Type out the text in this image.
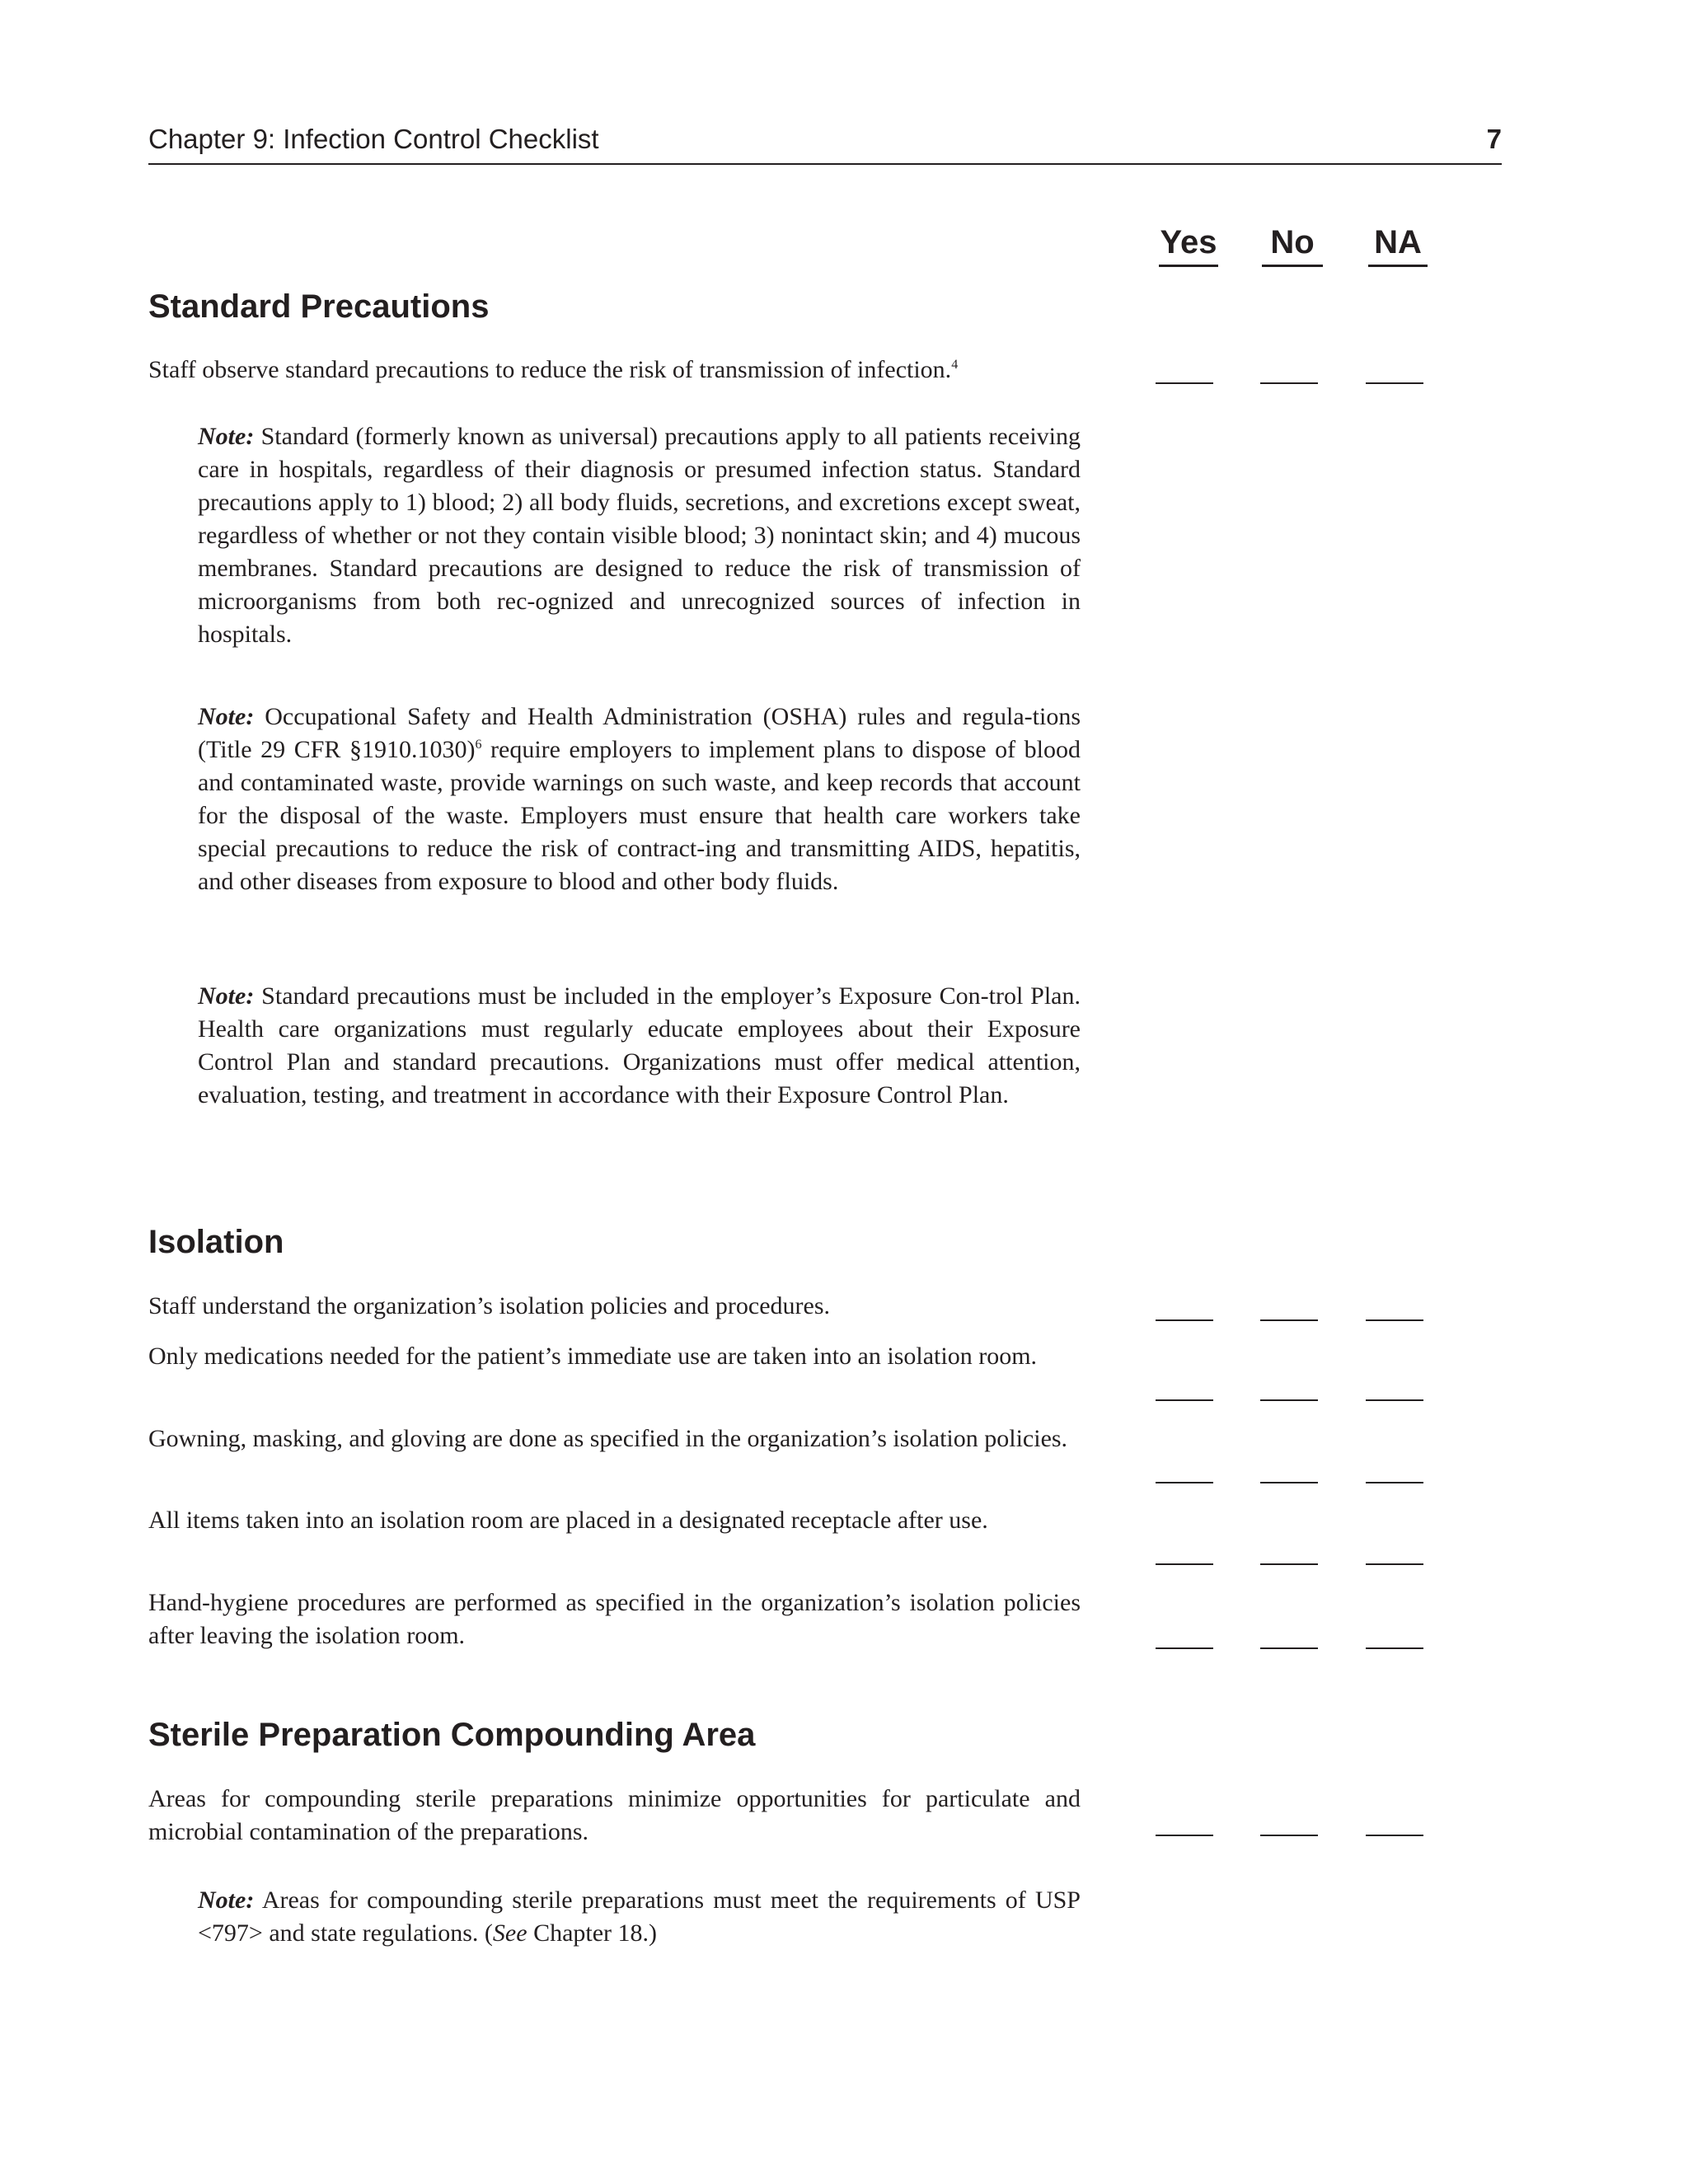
Chapter 9: Infection Control Checklist	7
Yes No NA
Standard Precautions
Staff observe standard precautions to reduce the risk of transmission of infection.$^4$
Note: Standard (formerly known as universal) precautions apply to all patients receiving care in hospitals, regardless of their diagnosis or presumed infection status. Standard precautions apply to 1) blood; 2) all body fluids, secretions, and excretions except sweat, regardless of whether or not they contain visible blood; 3) nonintact skin; and 4) mucous membranes. Standard precautions are designed to reduce the risk of transmission of microorganisms from both rec-ognized and unrecognized sources of infection in hospitals.
Note: Occupational Safety and Health Administration (OSHA) rules and regula-tions (Title 29 CFR §1910.1030)$^6$ require employers to implement plans to dispose of blood and contaminated waste, provide warnings on such waste, and keep records that account for the disposal of the waste. Employers must ensure that health care workers take special precautions to reduce the risk of contract-ing and transmitting AIDS, hepatitis, and other diseases from exposure to blood and other body fluids.
Note: Standard precautions must be included in the employer’s Exposure Con-trol Plan. Health care organizations must regularly educate employees about their Exposure Control Plan and standard precautions. Organizations must offer medical attention, evaluation, testing, and treatment in accordance with their Exposure Control Plan.
Isolation
Staff understand the organization’s isolation policies and procedures.
Only medications needed for the patient’s immediate use are taken into an isolation room.
Gowning, masking, and gloving are done as specified in the organization’s isolation policies.
All items taken into an isolation room are placed in a designated receptacle after use.
Hand-hygiene procedures are performed as specified in the organization’s isolation policies after leaving the isolation room.
Sterile Preparation Compounding Area
Areas for compounding sterile preparations minimize opportunities for particulate and microbial contamination of the preparations.
Note: Areas for compounding sterile preparations must meet the requirements of USP <797> and state regulations. (See Chapter 18.)
